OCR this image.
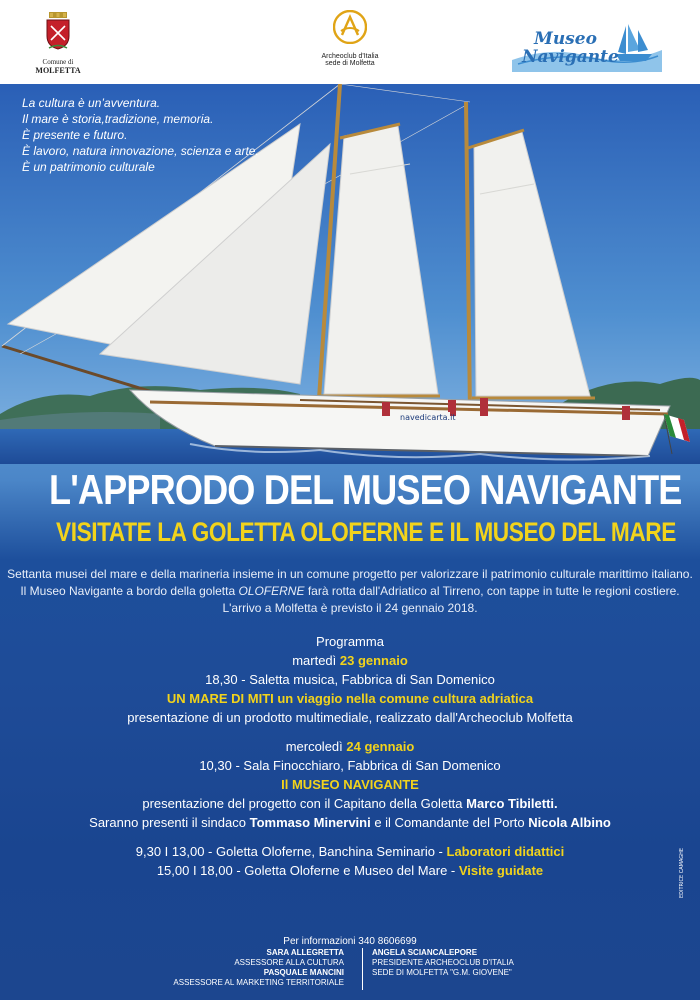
Comune di
MOLFETTA
Archeoclub d'Italia
sede di Molfetta
Museo
Navigante
navedicarta.it
La cultura è un’avventura.
Il mare è storia,tradizione, memoria.
È presente e futuro.
È lavoro, natura innovazione, scienza e arte.
È un patrimonio culturale
L'APPRODO DEL MUSEO NAVIGANTE
VISITATE LA GOLETTA OLOFERNE E IL MUSEO DEL MARE
Settanta musei del mare e della marineria insieme in un comune progetto per valorizzare il patrimonio culturale marittimo italiano.
Il Museo Navigante a bordo della goletta OLOFERNE farà rotta dall'Adriatico al Tirreno, con tappe in tutte le regioni costiere.
L'arrivo a Molfetta è previsto il 24 gennaio 2018.
Programma
martedì 23 gennaio
18,30 - Saletta musica, Fabbrica di San Domenico
UN MARE DI MITI un viaggio nella comune cultura adriatica
presentazione di un prodotto multimediale, realizzato dall'Archeoclub Molfetta
mercoledì 24 gennaio
10,30 - Sala Finocchiaro, Fabbrica di San Domenico
Il MUSEO NAVIGANTE
presentazione del progetto con il Capitano della Goletta Marco Tibiletti.
Saranno presenti il sindaco Tommaso Minervini e il Comandante del Porto Nicola Albino
9,30 I 13,00 - Goletta Oloferne, Banchina Seminario - Laboratori didattici
15,00 I 18,00 - Goletta Oloferne e Museo del Mare - Visite guidate
Per informazioni 340 8606699
SARA ALLEGRETTA
ASSESSORE ALLA CULTURA
PASQUALE MANCINI
ASSESSORE AL MARKETING TERRITORIALE
ANGELA SCIANCALEPORE
PRESIDENTE ARCHEOCLUB D'ITALIA
SEDE DI MOLFETTA "G.M. GIOVENE"
EDITRICE CAMAGHE
